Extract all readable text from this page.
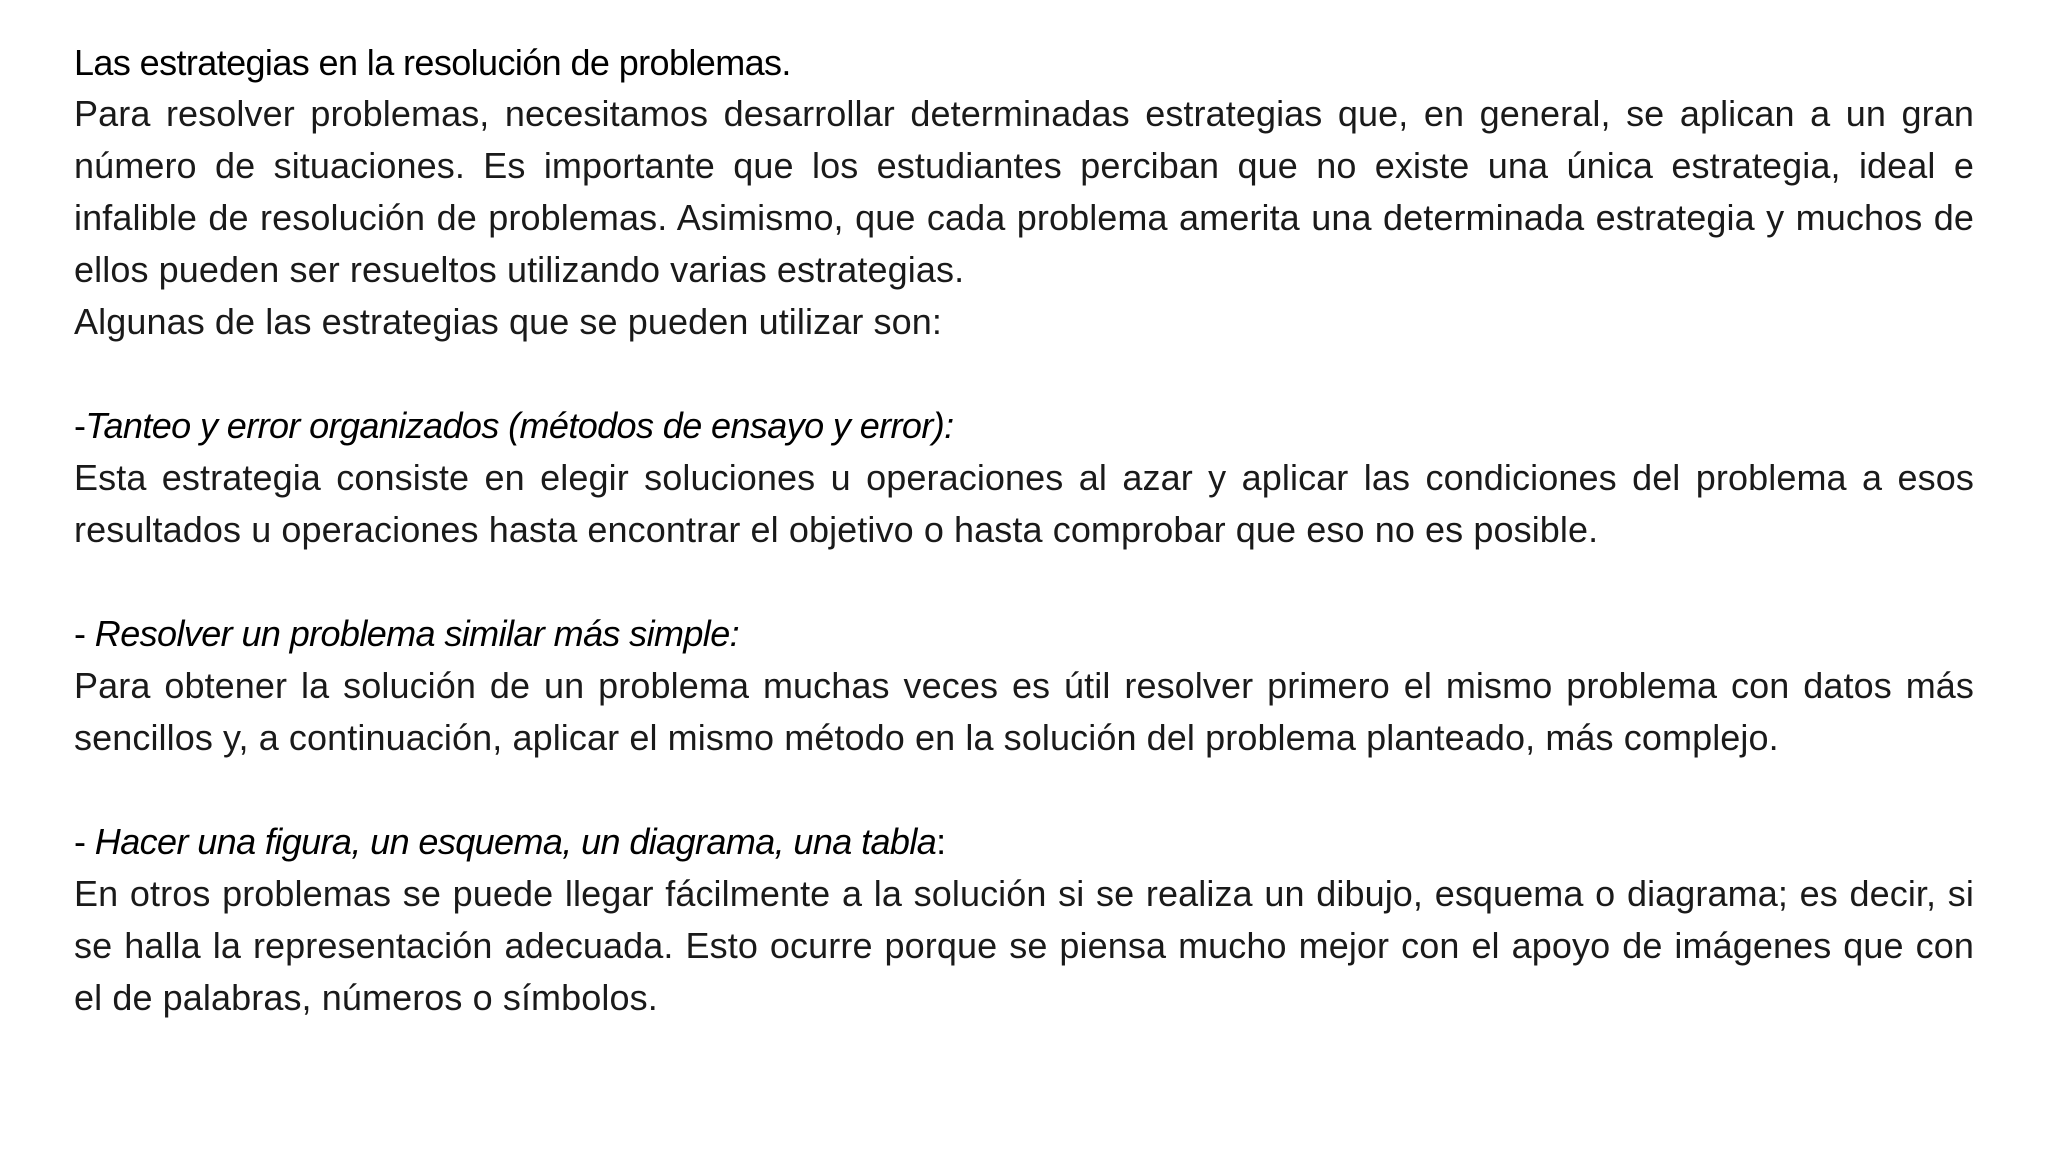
Las estrategias en la resolución de problemas.

Para resolver problemas, necesitamos desarrollar determinadas estrategias que, en general, se aplican a un gran número de situaciones. Es importante que los estudiantes perciban que no existe una única estrategia, ideal e infalible de resolución de problemas. Asimismo, que cada problema amerita una determinada estrategia y muchos de ellos pueden ser resueltos utilizando varias estrategias.

Algunas de las estrategias que se pueden utilizar son:

-Tanteo y error organizados (métodos de ensayo y error):

Esta estrategia consiste en elegir soluciones u operaciones al azar y aplicar las condiciones del problema a esos resultados u operaciones hasta encontrar el objetivo o hasta comprobar que eso no es posible.

- Resolver un problema similar más simple:

Para obtener la solución de un problema muchas veces es útil resolver primero el mismo problema con datos más sencillos y, a continuación, aplicar el mismo método en la solución del problema planteado, más complejo.

- Hacer una figura, un esquema, un diagrama, una tabla:

En otros problemas se puede llegar fácilmente a la solución si se realiza un dibujo, esquema o diagrama; es decir, si se halla la representación adecuada. Esto ocurre porque se piensa mucho mejor con el apoyo de imágenes que con el de palabras, números o símbolos.
